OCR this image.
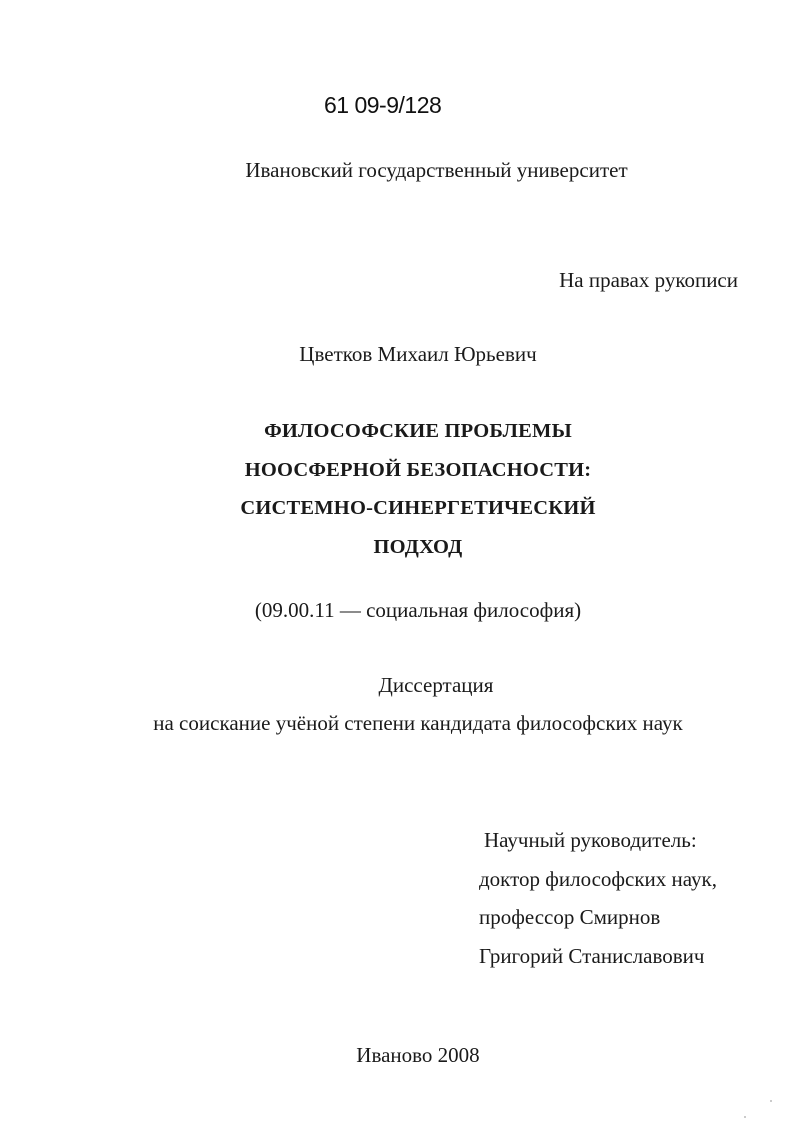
61 09-9/128
Ивановский государственный университет
На правах рукописи
Цветков Михаил Юрьевич
ФИЛОСОФСКИЕ ПРОБЛЕМЫ
НООСФЕРНОЙ БЕЗОПАСНОСТИ:
СИСТЕМНО-СИНЕРГЕТИЧЕСКИЙ
ПОДХОД
(09.00.11 — социальная философия)
Диссертация
на соискание учёной степени кандидата философских наук
Научный руководитель:
доктор философских наук,
профессор Смирнов
Григорий Станиславович
Иваново 2008
